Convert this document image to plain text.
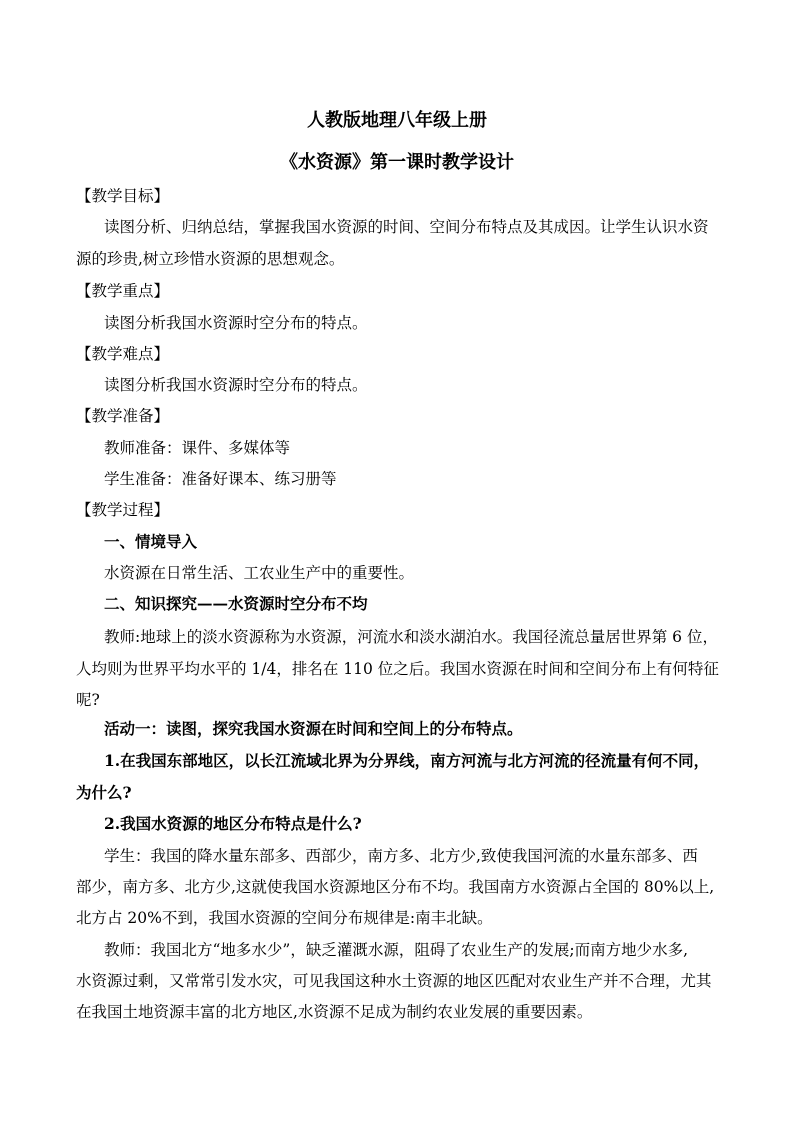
人教版地理八年级上册
《水资源》第一课时教学设计
【教学目标】
读图分析、归纳总结，掌握我国水资源的时间、空间分布特点及其成因。让学生认识水资
源的珍贵,树立珍惜水资源的思想观念。
【教学重点】
读图分析我国水资源时空分布的特点。
【教学难点】
读图分析我国水资源时空分布的特点。
【教学准备】
教师准备：课件、多媒体等
学生准备：准备好课本、练习册等
【教学过程】
一、情境导入
水资源在日常生活、工农业生产中的重要性。
二、知识探究——水资源时空分布不均
教师:地球上的淡水资源称为水资源，河流水和淡水湖泊水。我国径流总量居世界第 6 位，
人均则为世界平均水平的 1/4，排名在 110 位之后。我国水资源在时间和空间分布上有何特征
呢?
活动一：读图，探究我国水资源在时间和空间上的分布特点。
1.在我国东部地区，以长江流域北界为分界线，南方河流与北方河流的径流量有何不同，
为什么?
2.我国水资源的地区分布特点是什么?
学生：我国的降水量东部多、西部少，南方多、北方少,致使我国河流的水量东部多、西
部少，南方多、北方少,这就使我国水资源地区分布不均。我国南方水资源占全国的 80%以上,
北方占 20%不到，我国水资源的空间分布规律是:南丰北缺。
教师：我国北方“地多水少”，缺乏灌溉水源，阻碍了农业生产的发展;而南方地少水多,
水资源过剩，又常常引发水灾，可见我国这种水土资源的地区匹配对农业生产并不合理，尤其
在我国土地资源丰富的北方地区,水资源不足成为制约农业发展的重要因素。
